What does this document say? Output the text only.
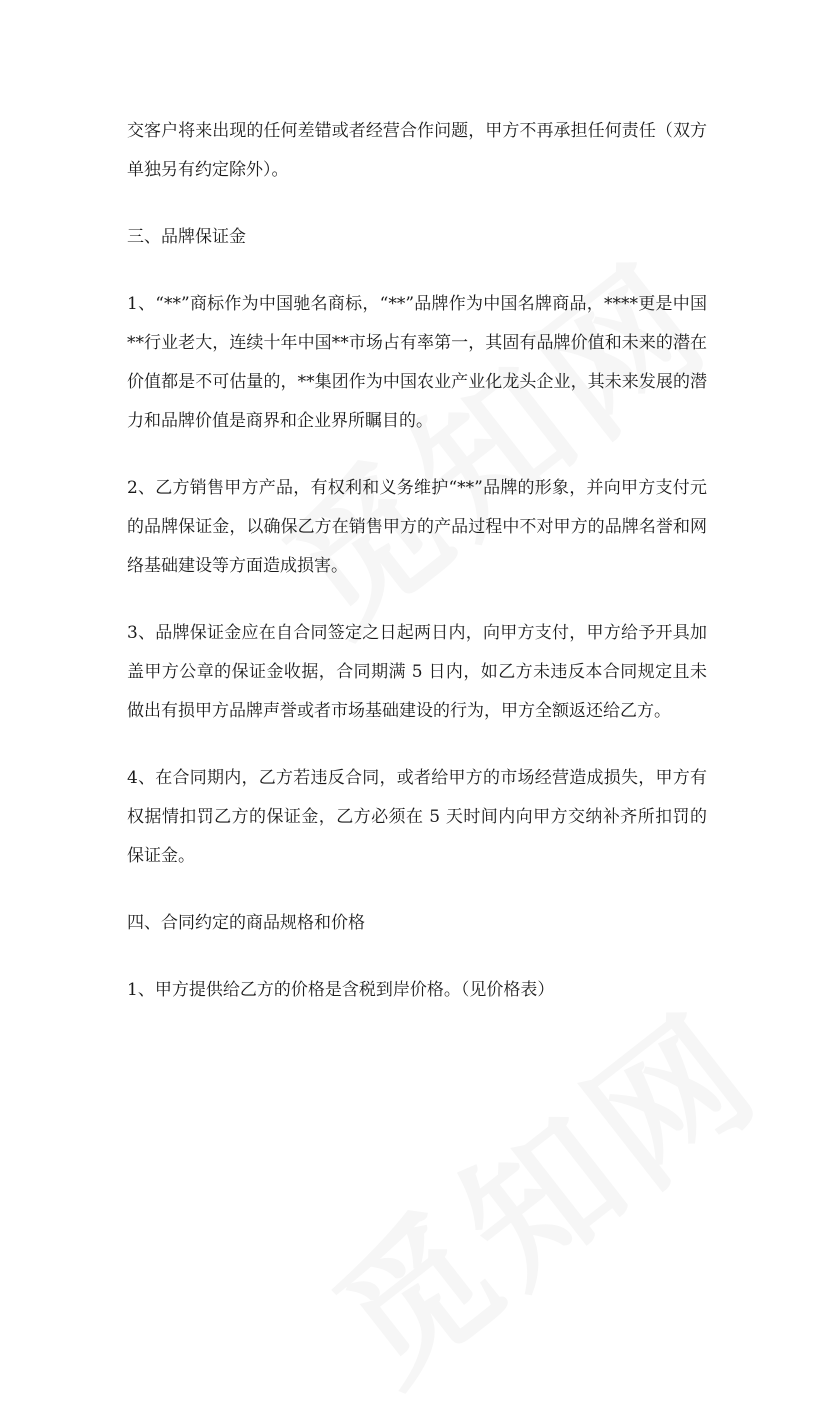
交客户将来出现的任何差错或者经营合作问题，甲方不再承担任何责任（双方单独另有约定除外）。

三、品牌保证金

1、“**”商标作为中国驰名商标，“**”品牌作为中国名牌商品，****更是中国**行业老大，连续十年中国**市场占有率第一，其固有品牌价值和未来的潜在价值都是不可估量的，**集团作为中国农业产业化龙头企业，其未来发展的潜力和品牌价值是商界和企业界所瞩目的。

2、乙方销售甲方产品，有权利和义务维护“**”品牌的形象，并向甲方支付元的品牌保证金，以确保乙方在销售甲方的产品过程中不对甲方的品牌名誉和网络基础建设等方面造成损害。

3、品牌保证金应在自合同签定之日起两日内，向甲方支付，甲方给予开具加盖甲方公章的保证金收据，合同期满 5 日内，如乙方未违反本合同规定且未做出有损甲方品牌声誉或者市场基础建设的行为，甲方全额返还给乙方。

4、在合同期内，乙方若违反合同，或者给甲方的市场经营造成损失，甲方有权据情扣罚乙方的保证金，乙方必须在 5 天时间内向甲方交纳补齐所扣罚的保证金。

四、合同约定的商品规格和价格

1、甲方提供给乙方的价格是含税到岸价格。（见价格表）
